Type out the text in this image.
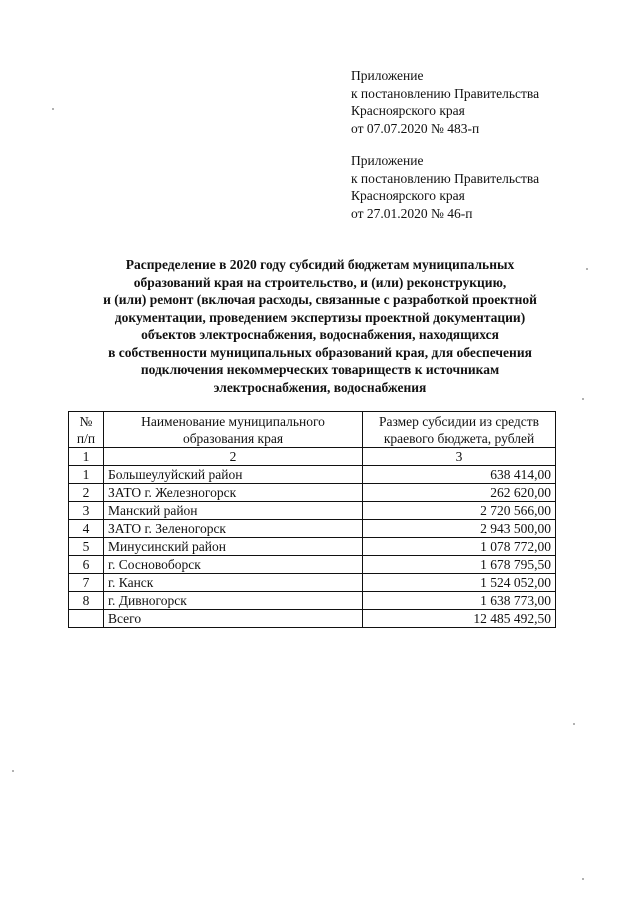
Приложение
к постановлению Правительства
Красноярского края
от 07.07.2020 № 483-п
Приложение
к постановлению Правительства
Красноярского края
от 27.01.2020 № 46-п
Распределение в 2020 году субсидий бюджетам муниципальных
образований края на строительство, и (или) реконструкцию,
и (или) ремонт (включая расходы, связанные с разработкой проектной
документации, проведением экспертизы проектной документации)
объектов электроснабжения, водоснабжения, находящихся
в собственности муниципальных образований края, для обеспечения
подключения некоммерческих товариществ к источникам
электроснабжения, водоснабжения
№ п/п	Наименование муниципального образования края	Размер субсидии из средств краевого бюджета, рублей
1	2	3
1	Большеулуйский район	638 414,00
2	ЗАТО г. Железногорск	262 620,00
3	Манский район	2 720 566,00
4	ЗАТО г. Зеленогорск	2 943 500,00
5	Минусинский район	1 078 772,00
6	г. Сосновоборск	1 678 795,50
7	г. Канск	1 524 052,00
8	г. Дивногорск	1 638 773,00
	Всего	12 485 492,50
